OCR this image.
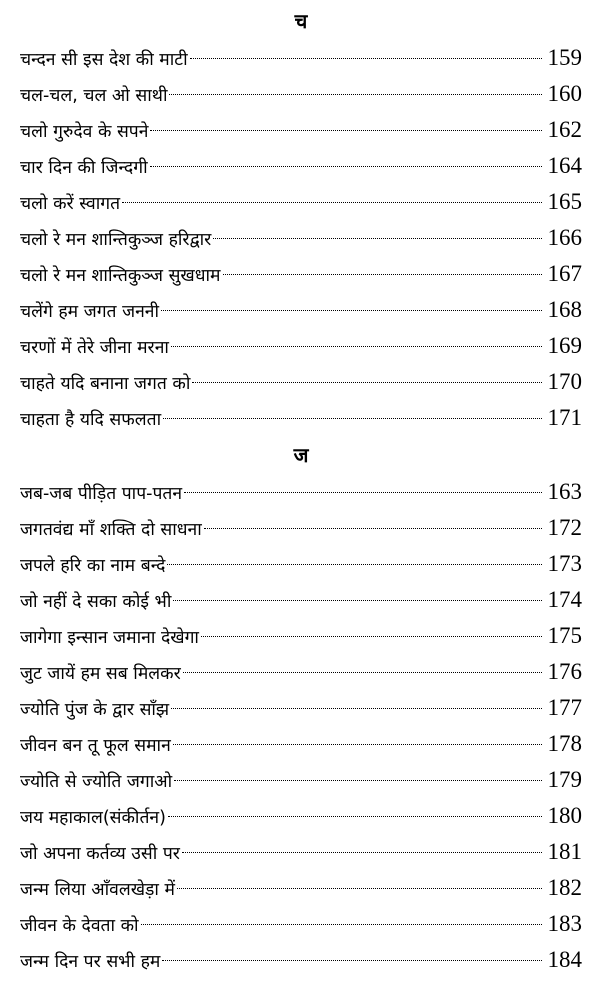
च
चन्दन सी इस देश की माटी	159
चल-चल, चल ओ साथी	160
चलो गुरुदेव के सपने	162
चार दिन की जिन्दगी	164
चलो करें स्वागत	165
चलो रे मन शान्तिकुञ्ज हरिद्वार	166
चलो रे मन शान्तिकुञ्ज सुखधाम	167
चलेंगे हम जगत जननी	168
चरणों में तेरे जीना मरना	169
चाहते यदि बनाना जगत को	170
चाहता है यदि सफलता	171
ज
जब-जब पीड़ित पाप-पतन	163
जगतवंद्य माँ शक्ति दो साधना	172
जपले हरि का नाम बन्दे	173
जो नहीं दे सका कोई भी	174
जागेगा इन्सान जमाना देखेगा	175
जुट जायें हम सब मिलकर	176
ज्योति पुंज के द्वार साँझ	177
जीवन बन तू फूल समान	178
ज्योति से ज्योति जगाओ	179
जय महाकाल(संकीर्तन)	180
जो अपना कर्तव्य उसी पर	181
जन्म लिया आँवलखेड़ा में	182
जीवन के देवता को	183
जन्म दिन पर सभी हम	184
